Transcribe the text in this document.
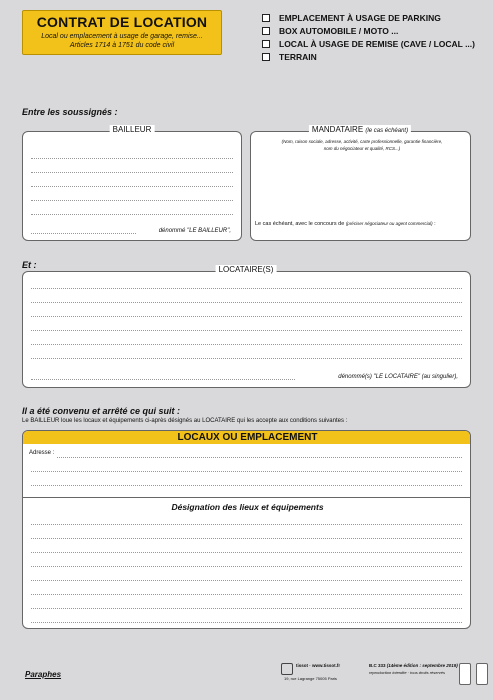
CONTRAT DE LOCATION
Local ou emplacement à usage de garage, remise...
Articles 1714 à 1751 du code civil
EMPLACEMENT À USAGE DE PARKING
BOX AUTOMOBILE / MOTO ...
LOCAL À USAGE DE REMISE (CAVE / LOCAL ...)
TERRAIN
Entre les soussignés :
dénommé "LE BAILLEUR",
BAILLEUR
(Nom, raison sociale, adresse, activité, carte professionnelle, garantie financière, nom du négociateur et qualité, RCS...)
Le cas échéant, avec le concours de (préciser négociateur ou agent commercial) :
MANDATAIRE (le cas échéant)
Et :
dénommé(s) "LE LOCATAIRE" (au singulier),
LOCATAIRE(S)
Il a été convenu et arrêté ce qui suit :
Le BAILLEUR loue les locaux et équipements ci-après désignés au LOCATAIRE qui les accepte aux conditions suivantes :
LOCAUX OU EMPLACEMENT
Adresse :
Désignation des lieux et équipements
Paraphes
tissot · www.tissot.fr
19, rue Lagrange 75005 Paris
B.C 333 (14ème édition : septembre 2019)
reproduction interdite · tous droits réservés
